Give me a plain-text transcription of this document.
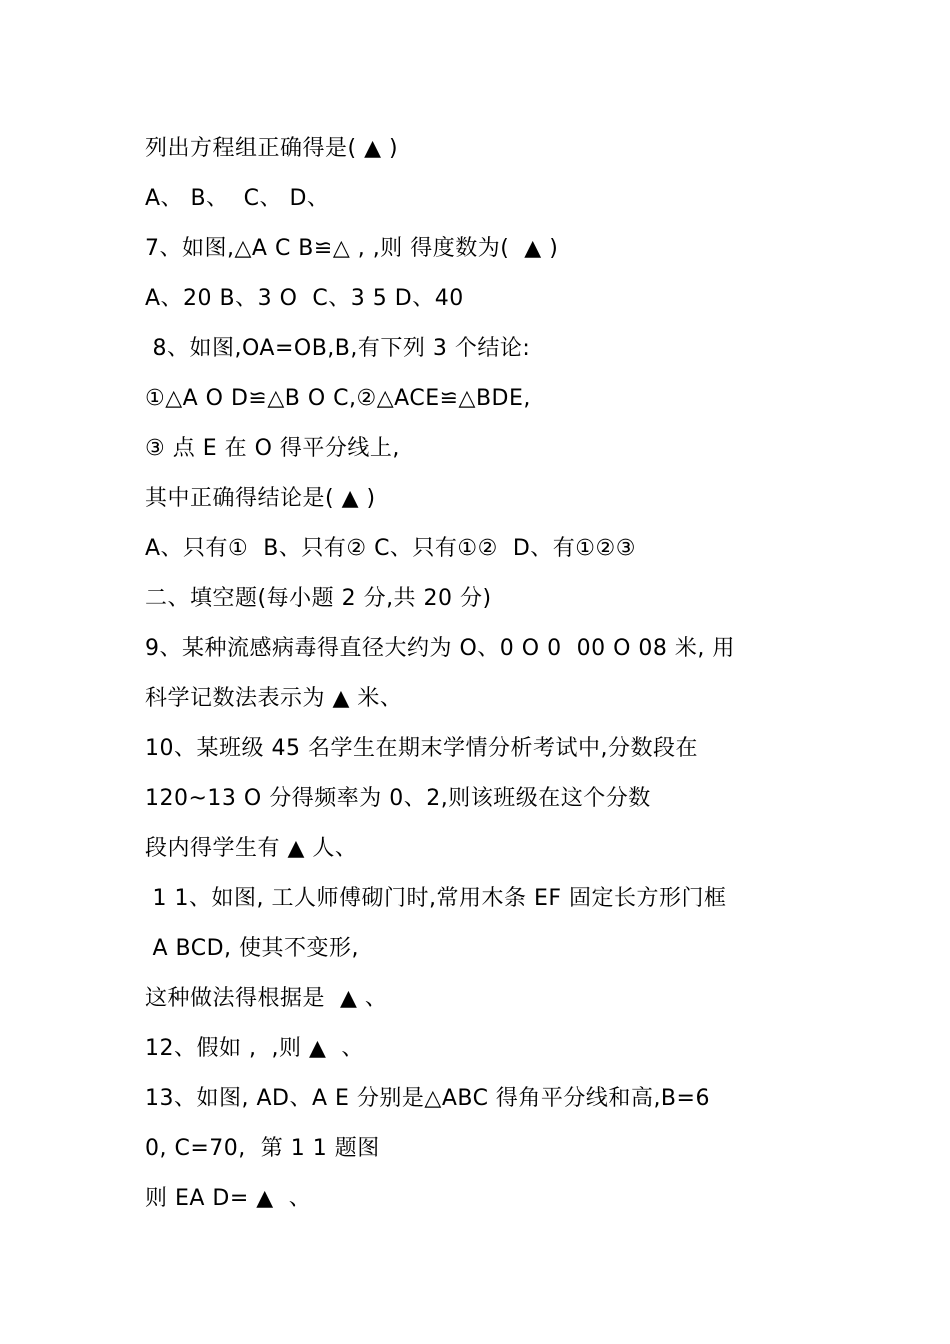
列出方程组正确得是( ▲ )
A、 B、  C、 D、
7、如图,△A C B≌△ , ,则 得度数为(  ▲ )
A、20 B、3 O  C、3 5 D、40
8、如图,OA=OB,B,有下列 3 个结论:
①△A O D≌△B O C,②△ACE≌△BDE,
③ 点 E 在 O 得平分线上,
其中正确得结论是( ▲ )
A、只有①  B、只有② C、只有①②  D、有①②③
二、填空题(每小题 2 分,共 20 分)
9、某种流感病毒得直径大约为 O、0 O 0  00 O 08 米, 用
科学记数法表示为 ▲ 米、
10、某班级 45 名学生在期末学情分析考试中,分数段在
120~13 O 分得频率为 0、2,则该班级在这个分数
段内得学生有 ▲ 人、
1 1、如图, 工人师傅砌门时,常用木条 EF 固定长方形门框
A BCD, 使其不变形,
这种做法得根据是  ▲ 、
12、假如 ,  ,则 ▲  、
13、如图, AD、A E 分别是△ABC 得角平分线和高,B=6
0, C=70,  第 1 1 题图
则 EA D= ▲  、
